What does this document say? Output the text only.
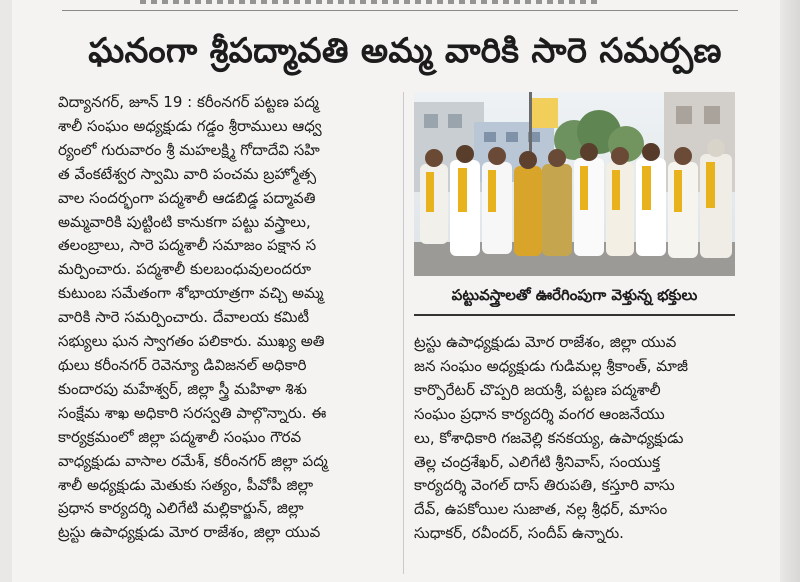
ఘనంగా శ్రీపద్మావతి అమ్మ వారికి సారె సమర్పణ
విద్యానగర్, జూన్ 19 : కరీంనగర్ పట్టణ పద్మ
శాలీ సంఘం అధ్యక్షుడు గడ్డం శ్రీరాములు ఆధ్వ
ర్యంలో గురువారం శ్రీ మహలక్ష్మి గోదాదేవి సహి
త వేంకటేశ్వర స్వామి వారి పంచమ బ్రహ్మోత్స
వాల సందర్భంగా పద్మశాలీ ఆడబిడ్డ పద్మావతి
అమ్మవారికి పుట్టింటి కానుకగా పట్టు వస్త్రాలు,
తలంబ్రాలు, సారె పద్మశాలీ సమాజం పక్షాన స
మర్పించారు. పద్మశాలీ కులబంధువులందరూ
కుటుంబ సమేతంగా శోభాయాత్రగా వచ్చి అమ్మ
వారికి సారె సమర్పించారు. దేవాలయ కమిటీ
సభ్యులు ఘన స్వాగతం పలికారు. ముఖ్య అతి
థులు కరీంనగర్ రెవెన్యూ డివిజనల్ అధికారి
కుందారపు మహేశ్వర్, జిల్లా స్త్రీ మహిళా శిశు
సంక్షేమ శాఖ అధికారి సరస్వతి పాల్గొన్నారు. ఈ
కార్యక్రమంలో జిల్లా పద్మశాలీ సంఘం గౌరవ
వాధ్యక్షుడు వాసాల రమేశ్, కరీంనగర్ జిల్లా పద్మ
శాలీ అధ్యక్షుడు మెతుకు సత్యం, పీవోపీ జిల్లా
ప్రధాన కార్యదర్శి ఎలిగేటి మల్లికార్జున్, జిల్లా
ట్రస్టు ఉపాధ్యక్షుడు మోర రాజేశం, జిల్లా యువ
పట్టువస్త్రాలతో ఊరేగింపుగా వెళ్తున్న భక్తులు
ట్రస్టు ఉపాధ్యక్షుడు మోర రాజేశం, జిల్లా యువ
జన సంఘం అధ్యక్షుడు గుడిమల్ల శ్రీకాంత్, మాజీ
కార్పొరేటర్ చొప్పరి జయశ్రీ, పట్టణ పద్మశాలీ
సంఘం ప్రధాన కార్యదర్శి వంగర ఆంజనేయు
లు, కోశాధికారి గజవెల్లి కనకయ్య, ఉపాధ్యక్షుడు
తెల్ల చంద్రశేఖర్, ఎలిగేటి శ్రీనివాస్, సంయుక్త
కార్యదర్శి వెంగల్ దాస్ తిరుపతి, కస్తూరి వాసు
దేవ్, ఉపకోయిల సుజాత, నల్ల శ్రీధర్, మాసం
సుధాకర్, రవీందర్, సందీప్ ఉన్నారు.
